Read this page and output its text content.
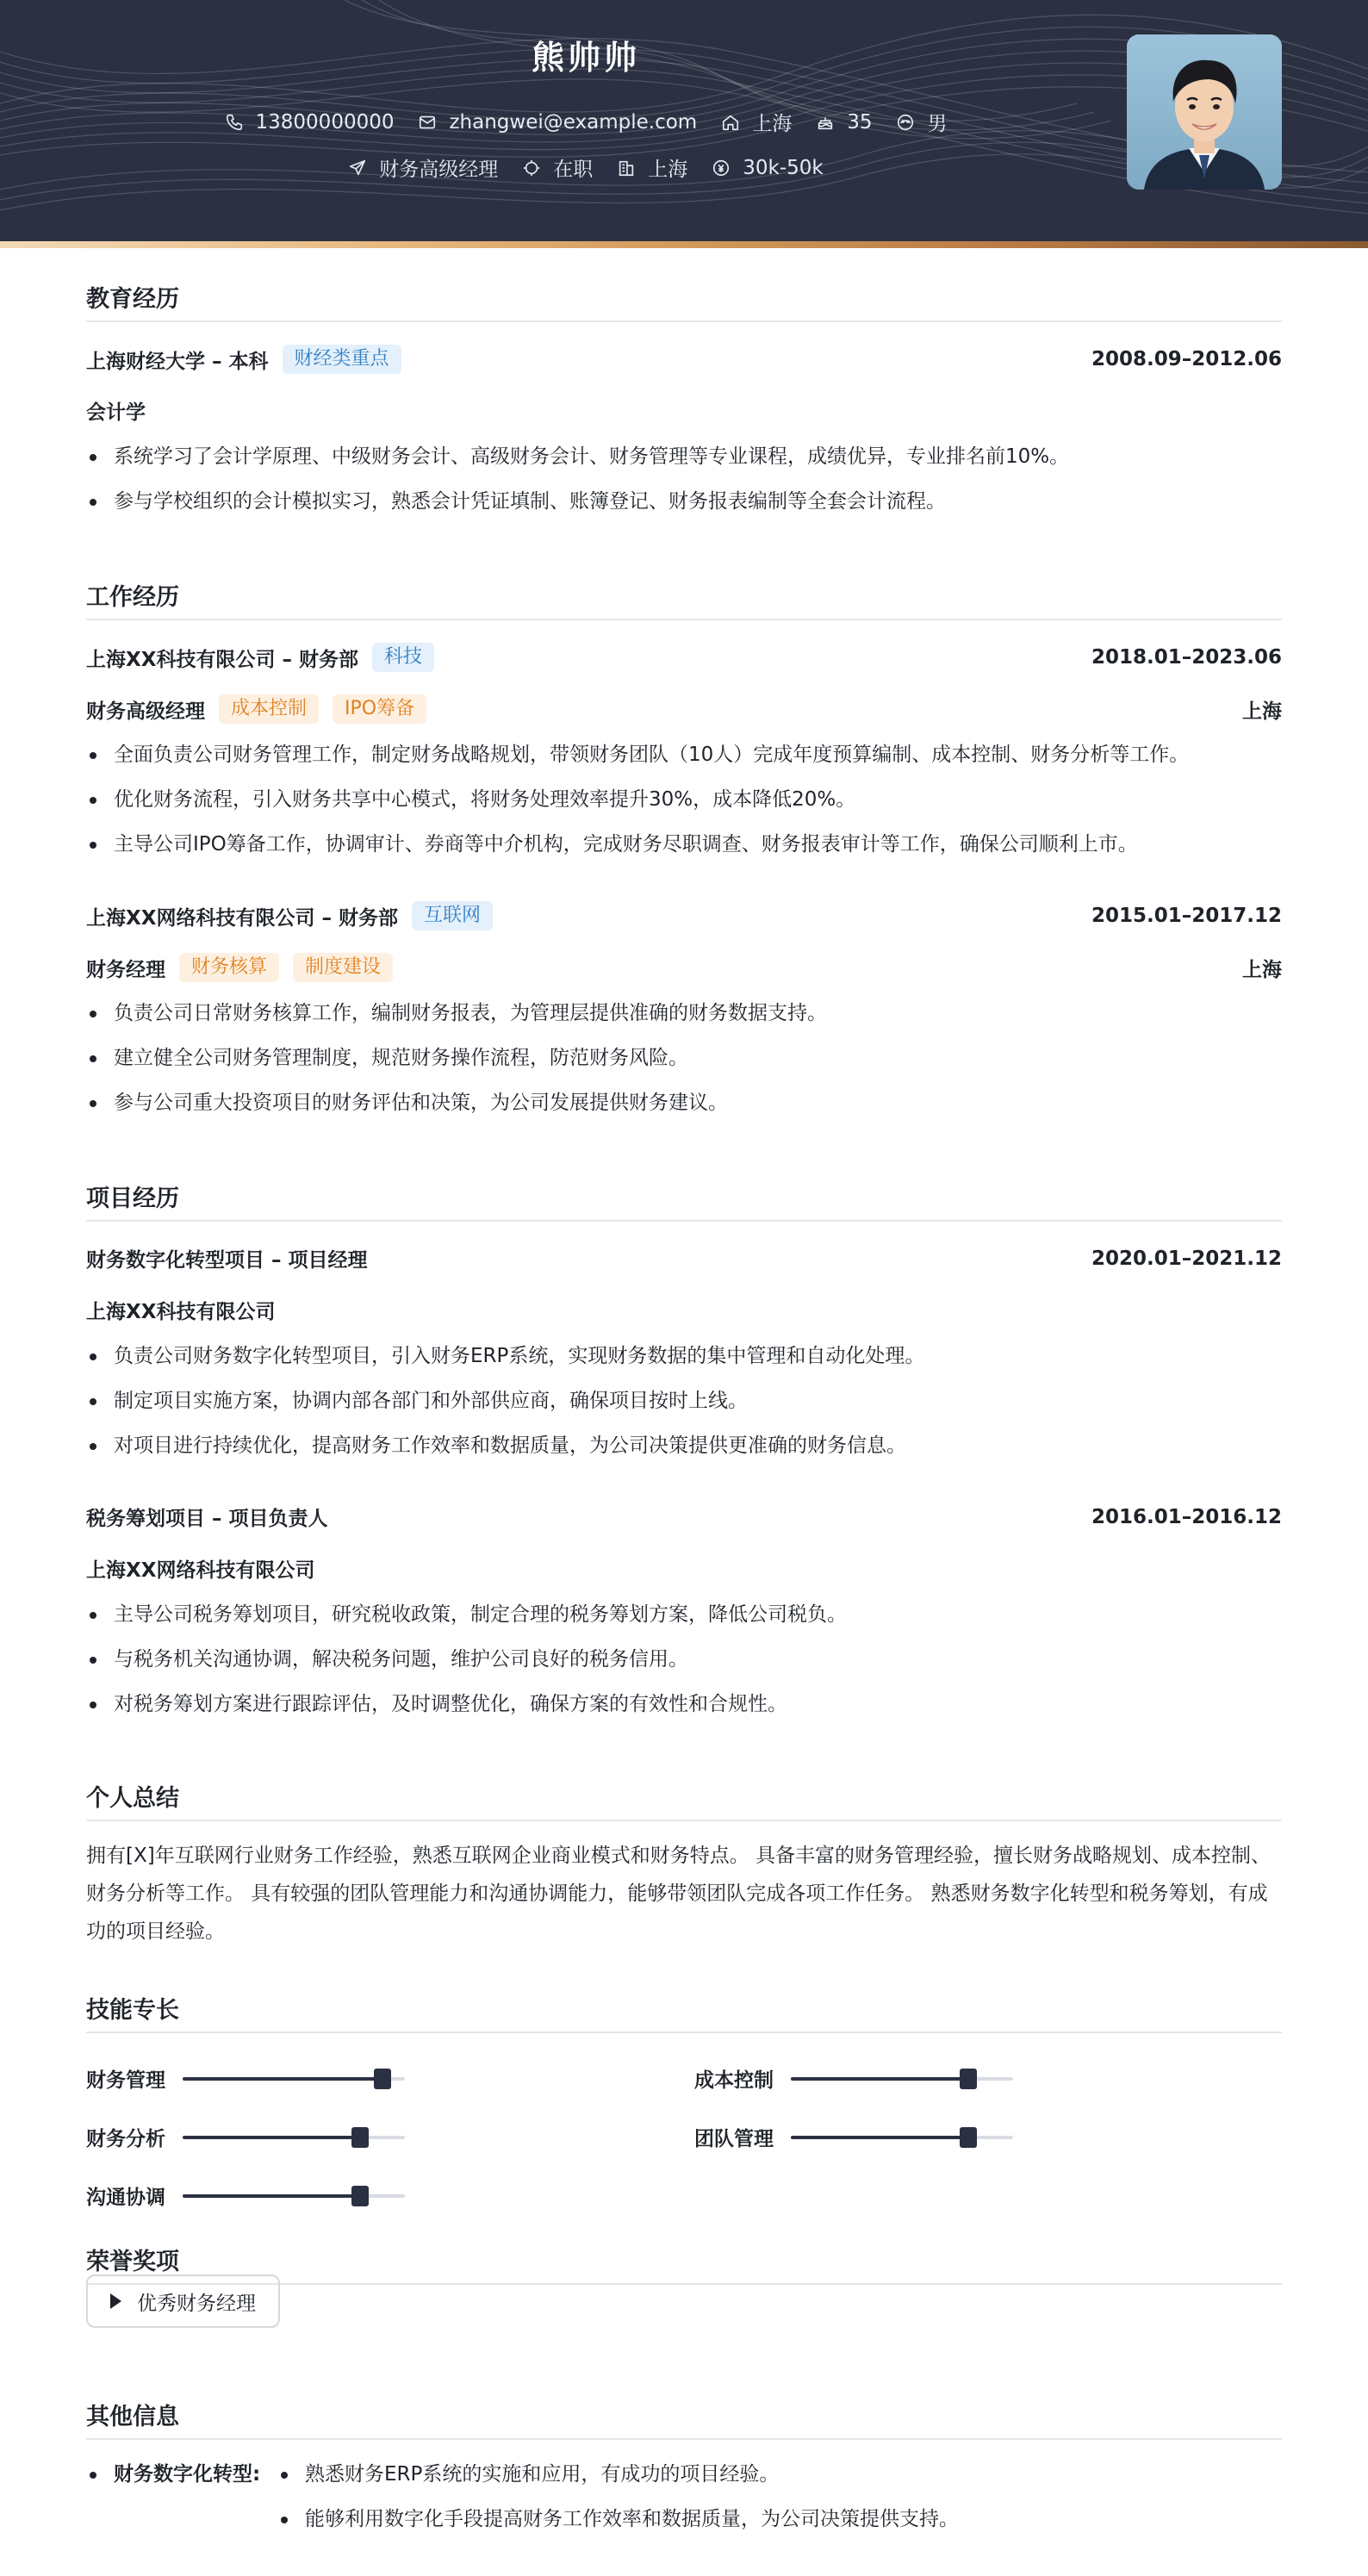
熊帅帅
13800000000	zhangwei@example.com	上海	35	男
财务高级经理	在职	上海	30k-50k
教育经历
上海财经大学 – 本科	财经类重点	2008.09–2012.06
会计学
系统学习了会计学原理、中级财务会计、高级财务会计、财务管理等专业课程，成绩优异，专业排名前10%。
参与学校组织的会计模拟实习，熟悉会计凭证填制、账簿登记、财务报表编制等全套会计流程。
工作经历
上海XX科技有限公司 – 财务部	科技	2018.01–2023.06
财务高级经理	成本控制	IPO筹备	上海
全面负责公司财务管理工作，制定财务战略规划，带领财务团队（10人）完成年度预算编制、成本控制、财务分析等工作。
优化财务流程，引入财务共享中心模式，将财务处理效率提升30%，成本降低20%。
主导公司IPO筹备工作，协调审计、券商等中介机构，完成财务尽职调查、财务报表审计等工作，确保公司顺利上市。
上海XX网络科技有限公司 – 财务部	互联网	2015.01–2017.12
财务经理	财务核算	制度建设	上海
负责公司日常财务核算工作，编制财务报表，为管理层提供准确的财务数据支持。
建立健全公司财务管理制度，规范财务操作流程，防范财务风险。
参与公司重大投资项目的财务评估和决策，为公司发展提供财务建议。
项目经历
财务数字化转型项目 – 项目经理	2020.01–2021.12
上海XX科技有限公司
负责公司财务数字化转型项目，引入财务ERP系统，实现财务数据的集中管理和自动化处理。
制定项目实施方案，协调内部各部门和外部供应商，确保项目按时上线。
对项目进行持续优化，提高财务工作效率和数据质量，为公司决策提供更准确的财务信息。
税务筹划项目 – 项目负责人	2016.01–2016.12
上海XX网络科技有限公司
主导公司税务筹划项目，研究税收政策，制定合理的税务筹划方案，降低公司税负。
与税务机关沟通协调，解决税务问题，维护公司良好的税务信用。
对税务筹划方案进行跟踪评估，及时调整优化，确保方案的有效性和合规性。
个人总结
拥有[X]年互联网行业财务工作经验，熟悉互联网企业商业模式和财务特点。 具备丰富的财务管理经验，擅长财务战略规划、成本控制、财务分析等工作。 具有较强的团队管理能力和沟通协调能力，能够带领团队完成各项工作任务。 熟悉财务数字化转型和税务筹划，有成功的项目经验。
技能专长
财务管理	成本控制
财务分析	团队管理
沟通协调
荣誉奖项
优秀财务经理
其他信息
财务数字化转型:	熟悉财务ERP系统的实施和应用，有成功的项目经验。
能够利用数字化手段提高财务工作效率和数据质量，为公司决策提供支持。
